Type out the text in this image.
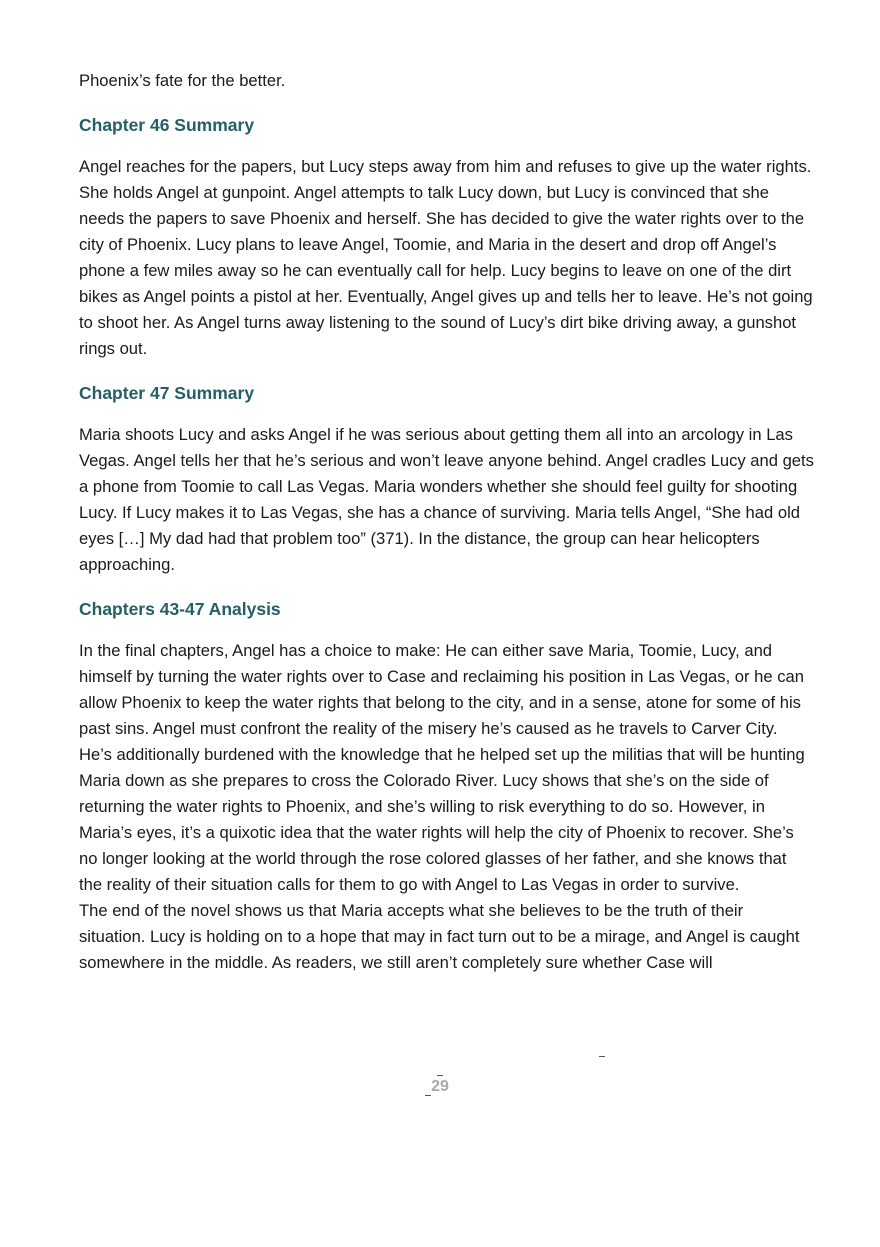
Phoenix’s fate for the better.

Chapter 46 Summary

Angel reaches for the papers, but Lucy steps away from him and refuses to give up the water rights. She holds Angel at gunpoint. Angel attempts to talk Lucy down, but Lucy is convinced that she needs the papers to save Phoenix and herself. She has decided to give the water rights over to the city of Phoenix. Lucy plans to leave Angel, Toomie, and Maria in the desert and drop off Angel’s phone a few miles away so he can eventually call for help. Lucy begins to leave on one of the dirt bikes as Angel points a pistol at her. Eventually, Angel gives up and tells her to leave. He’s not going to shoot her. As Angel turns away listening to the sound of Lucy’s dirt bike driving away, a gunshot rings out.

Chapter 47 Summary

Maria shoots Lucy and asks Angel if he was serious about getting them all into an arcology in Las Vegas. Angel tells her that he’s serious and won’t leave anyone behind. Angel cradles Lucy and gets a phone from Toomie to call Las Vegas. Maria wonders whether she should feel guilty for shooting Lucy. If Lucy makes it to Las Vegas, she has a chance of surviving. Maria tells Angel, “She had old eyes […] My dad had that problem too” (371). In the distance, the group can hear helicopters approaching.

Chapters 43-47 Analysis

In the final chapters, Angel has a choice to make: He can either save Maria, Toomie, Lucy, and himself by turning the water rights over to Case and reclaiming his position in Las Vegas, or he can allow Phoenix to keep the water rights that belong to the city, and in a sense, atone for some of his past sins. Angel must confront the reality of the misery he’s caused as he travels to Carver City. He’s additionally burdened with the knowledge that he helped set up the militias that will be hunting Maria down as she prepares to cross the Colorado River. Lucy shows that she’s on the side of returning the water rights to Phoenix, and she’s willing to risk everything to do so. However, in Maria’s eyes, it’s a quixotic idea that the water rights will help the city of Phoenix to recover. She’s no longer looking at the world through the rose colored glasses of her father, and she knows that the reality of their situation calls for them to go with Angel to Las Vegas in order to survive.

The end of the novel shows us that Maria accepts what she believes to be the truth of their situation. Lucy is holding on to a hope that may in fact turn out to be a mirage, and Angel is caught somewhere in the middle. As readers, we still aren’t completely sure whether Case will

29
